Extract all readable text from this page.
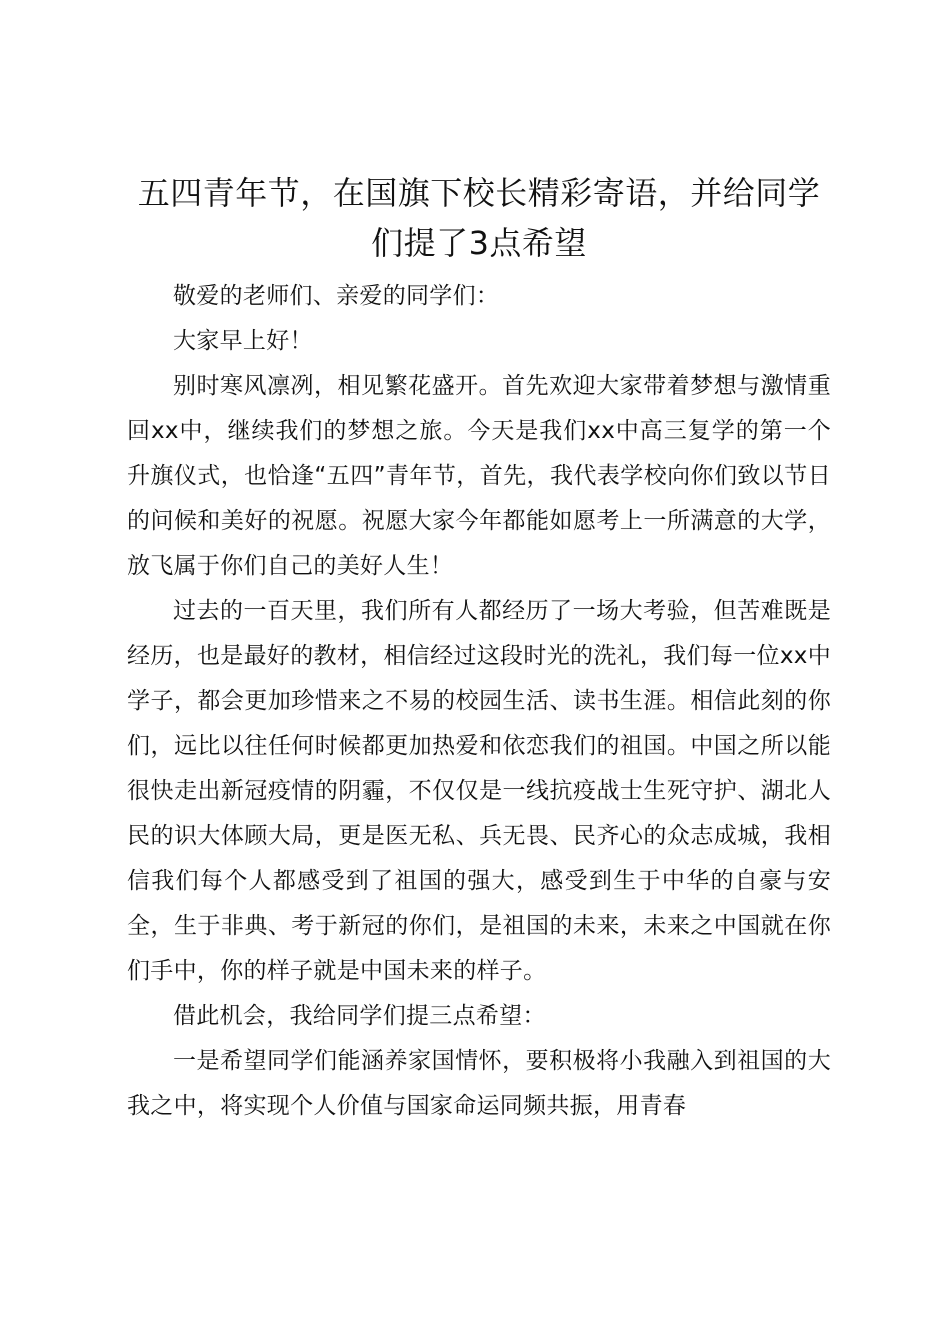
五四青年节，在国旗下校长精彩寄语，并给同学们提了3点希望

敬爱的老师们、亲爱的同学们：

大家早上好！

别时寒风凛冽，相见繁花盛开。首先欢迎大家带着梦想与激情重回xx中，继续我们的梦想之旅。今天是我们xx中高三复学的第一个升旗仪式，也恰逢“五四”青年节，首先，我代表学校向你们致以节日的问候和美好的祝愿。祝愿大家今年都能如愿考上一所满意的大学，放飞属于你们自己的美好人生！

过去的一百天里，我们所有人都经历了一场大考验，但苦难既是经历，也是最好的教材，相信经过这段时光的洗礼，我们每一位xx中学子，都会更加珍惜来之不易的校园生活、读书生涯。相信此刻的你们，远比以往任何时候都更加热爱和依恋我们的祖国。中国之所以能很快走出新冠疫情的阴霾，不仅仅是一线抗疫战士生死守护、湖北人民的识大体顾大局，更是医无私、兵无畏、民齐心的众志成城，我相信我们每个人都感受到了祖国的强大，感受到生于中华的自豪与安全，生于非典、考于新冠的你们，是祖国的未来，未来之中国就在你们手中，你的样子就是中国未来的样子。

借此机会，我给同学们提三点希望：

一是希望同学们能涵养家国情怀，要积极将小我融入到祖国的大我之中，将实现个人价值与国家命运同频共振，用青春
